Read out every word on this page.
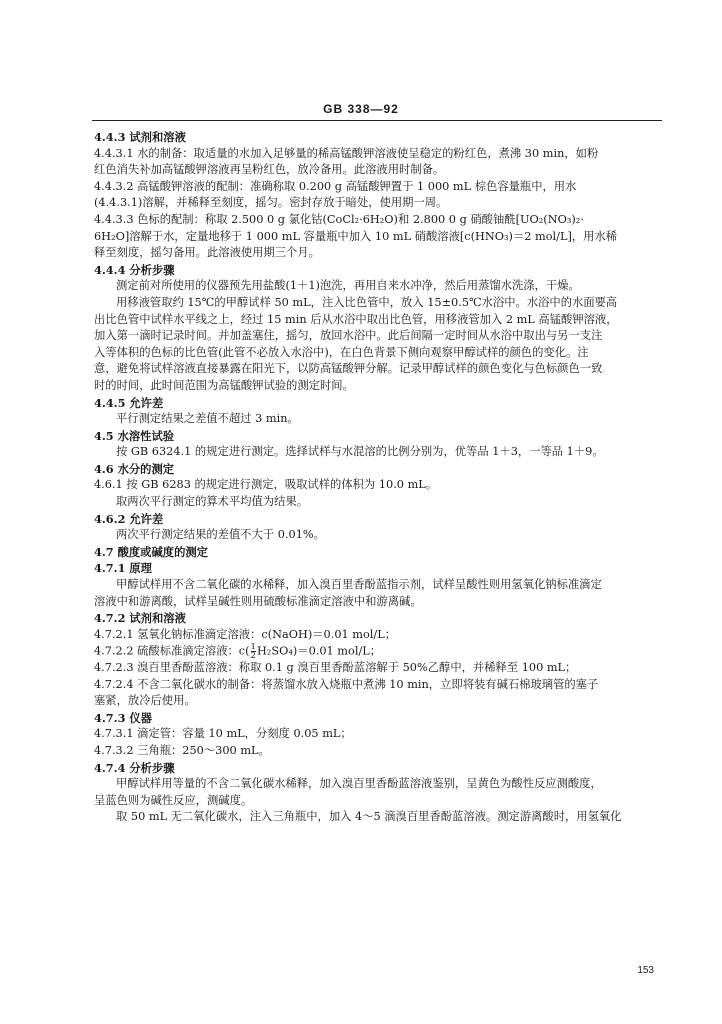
GB 338—92
4.4.3 试剂和溶液
4.4.3.1 水的制备：取适量的水加入足够量的稀高锰酸钾溶液使呈稳定的粉红色，煮沸 30 min，如粉
红色消失补加高锰酸钾溶液再呈粉红色，放冷备用。此溶液用时制备。
4.4.3.2 高锰酸钾溶液的配制：准确称取 0.200 g 高锰酸钾置于 1 000 mL 棕色容量瓶中，用水
(4.4.3.1)溶解，并稀释至刻度，摇匀。密封存放于暗处，使用期一周。
4.4.3.3 色标的配制：称取 2.500 0 g 氯化钴(CoCl₂·6H₂O)和 2.800 0 g 硝酸铀酰[UO₂(NO₃)₂·
6H₂O]溶解于水，定量地移于 1 000 mL 容量瓶中加入 10 mL 硝酸溶液[c(HNO₃)＝2 mol/L]，用水稀
释至刻度，摇匀备用。此溶液使用期三个月。
4.4.4 分析步骤
测定前对所使用的仪器预先用盐酸(1＋1)泡洗，再用自来水冲净，然后用蒸馏水洗涤，干燥。
用移液管取约 15℃的甲醇试样 50 mL，注入比色管中，放入 15±0.5℃水浴中。水浴中的水面要高
出比色管中试样水平线之上，经过 15 min 后从水浴中取出比色管，用移液管加入 2 mL 高锰酸钾溶液，
加入第一滴时记录时间。并加盖塞住，摇匀，放回水浴中。此后间隔一定时间从水浴中取出与另一支注
入等体积的色标的比色管(此管不必放入水浴中)，在白色背景下侧向观察甲醇试样的颜色的变化。注
意，避免将试样溶液直接暴露在阳光下，以防高锰酸钾分解。记录甲醇试样的颜色变化与色标颜色一致
时的时间，此时间范围为高锰酸钾试验的测定时间。
4.4.5 允许差
平行测定结果之差值不超过 3 min。
4.5 水溶性试验
按 GB 6324.1 的规定进行测定。选择试样与水混溶的比例分别为，优等品 1＋3，一等品 1＋9。
4.6 水分的测定
4.6.1 按 GB 6283 的规定进行测定，吸取试样的体积为 10.0 mL。
取两次平行测定的算术平均值为结果。
4.6.2 允许差
两次平行测定结果的差值不大于 0.01%。
4.7 酸度或碱度的测定
4.7.1 原理
甲醇试样用不含二氧化碳的水稀释，加入溴百里香酚蓝指示剂，试样呈酸性则用氢氧化钠标准滴定
溶液中和游离酸，试样呈碱性则用硫酸标准滴定溶液中和游离碱。
4.7.2 试剂和溶液
4.7.2.1 氢氧化钠标准滴定溶液：c(NaOH)＝0.01 mol/L；
4.7.2.2 硫酸标准滴定溶液：$c( \frac{1}{2} H_2SO_4)=0.01$ mol/L；
4.7.2.3 溴百里香酚蓝溶液：称取 0.1 g 溴百里香酚蓝溶解于 50%乙醇中，并稀释至 100 mL；
4.7.2.4 不含二氧化碳水的制备：将蒸馏水放入烧瓶中煮沸 10 min，立即将装有碱石棉玻璃管的塞子
塞紧，放冷后使用。
4.7.3 仪器
4.7.3.1 滴定管：容量 10 mL，分刻度 0.05 mL；
4.7.3.2 三角瓶：250～300 mL。
4.7.4 分析步骤
甲醇试样用等量的不含二氧化碳水稀释，加入溴百里香酚蓝溶液鉴别，呈黄色为酸性反应测酸度，
呈蓝色则为碱性反应，测碱度。
取 50 mL 无二氧化碳水，注入三角瓶中，加入 4～5 滴溴百里香酚蓝溶液。测定游离酸时，用氢氧化
153
